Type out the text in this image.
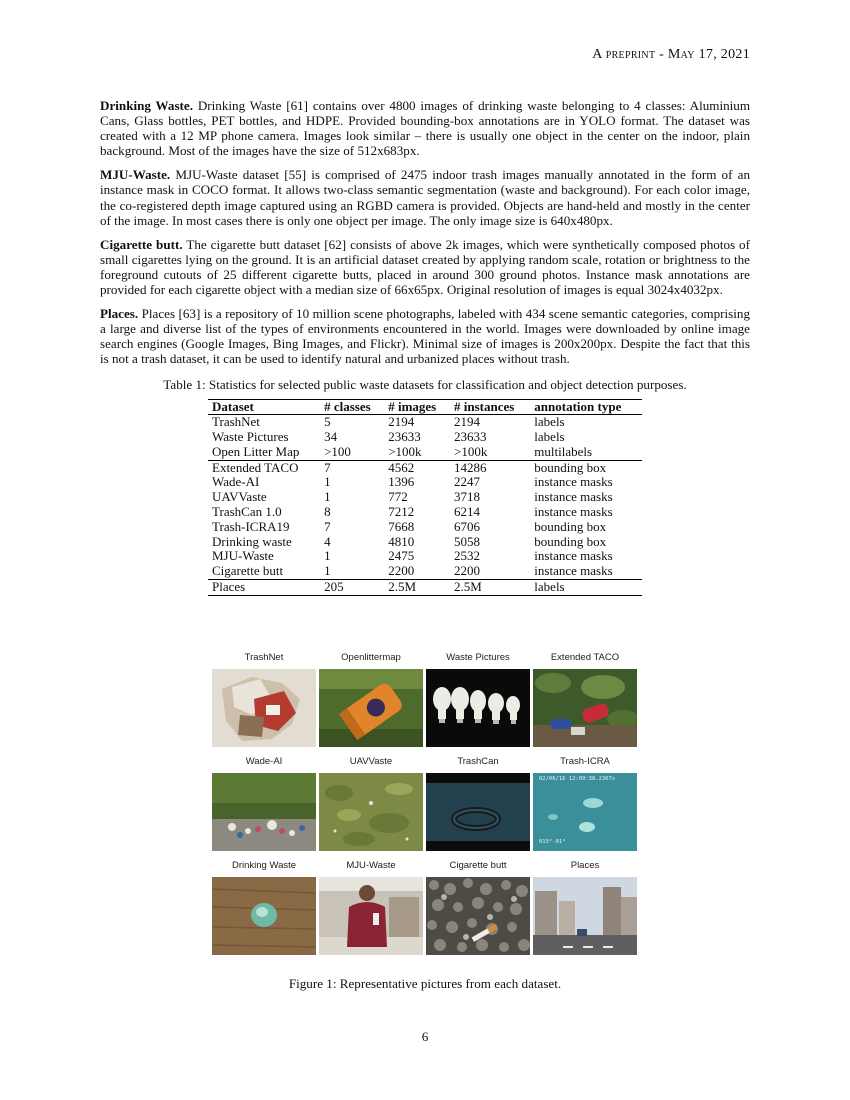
A preprint - May 17, 2021

Drinking Waste. Drinking Waste [61] contains over 4800 images of drinking waste belonging to 4 classes: Aluminium Cans, Glass bottles, PET bottles, and HDPE. Provided bounding-box annotations are in YOLO format. The dataset was created with a 12 MP phone camera. Images look similar – there is usually one object in the center on the indoor, plain background. Most of the images have the size of 512x683px.

MJU-Waste. MJU-Waste dataset [55] is comprised of 2475 indoor trash images manually annotated in the form of an instance mask in COCO format. It allows two-class semantic segmentation (waste and background). For each color image, the co-registered depth image captured using an RGBD camera is provided. Objects are hand-held and mostly in the center of the image. In most cases there is only one object per image. The only image size is 640x480px.

Cigarette butt. The cigarette butt dataset [62] consists of above 2k images, which were synthetically composed photos of small cigarettes lying on the ground. It is an artificial dataset created by applying random scale, rotation or brightness to the foreground cutouts of 25 different cigarette butts, placed in around 300 ground photos. Instance mask annotations are provided for each cigarette object with a median size of 66x65px. Original resolution of images is equal 3024x4032px.

Places. Places [63] is a repository of 10 million scene photographs, labeled with 434 scene semantic categories, comprising a large and diverse list of the types of environments encountered in the world. Images were downloaded by online image search engines (Google Images, Bing Images, and Flickr). Minimal size of images is 200x200px. Despite the fact that this is not a trash dataset, it can be used to identify natural and urbanized places without trash.

Table 1: Statistics for selected public waste datasets for classification and object detection purposes.
Dataset	# classes	# images	# instances	annotation type
TrashNet	5	2194	2194	labels
Waste Pictures	34	23633	23633	labels
Open Litter Map	>100	>100k	>100k	multilabels
Extended TACO	7	4562	14286	bounding box
Wade-AI	1	1396	2247	instance masks
UAVVaste	1	772	3718	instance masks
TrashCan 1.0	8	7212	6214	instance masks
Trash-ICRA19	7	7668	6706	bounding box
Drinking waste	4	4810	5058	bounding box
MJU-Waste	1	2475	2532	instance masks
Cigarette butt	1	2200	2200	instance masks
Places	205	2.5M	2.5M	labels
TrashNet	Openlittermap	Waste Pictures	Extended TACO
Wade-AI	UAVVaste	TrashCan	Trash-ICRA
02/06/16 12:09:38.2367s
015°-01°
Drinking Waste	MJU-Waste	Cigarette butt	Places
Figure 1: Representative pictures from each dataset.
6
